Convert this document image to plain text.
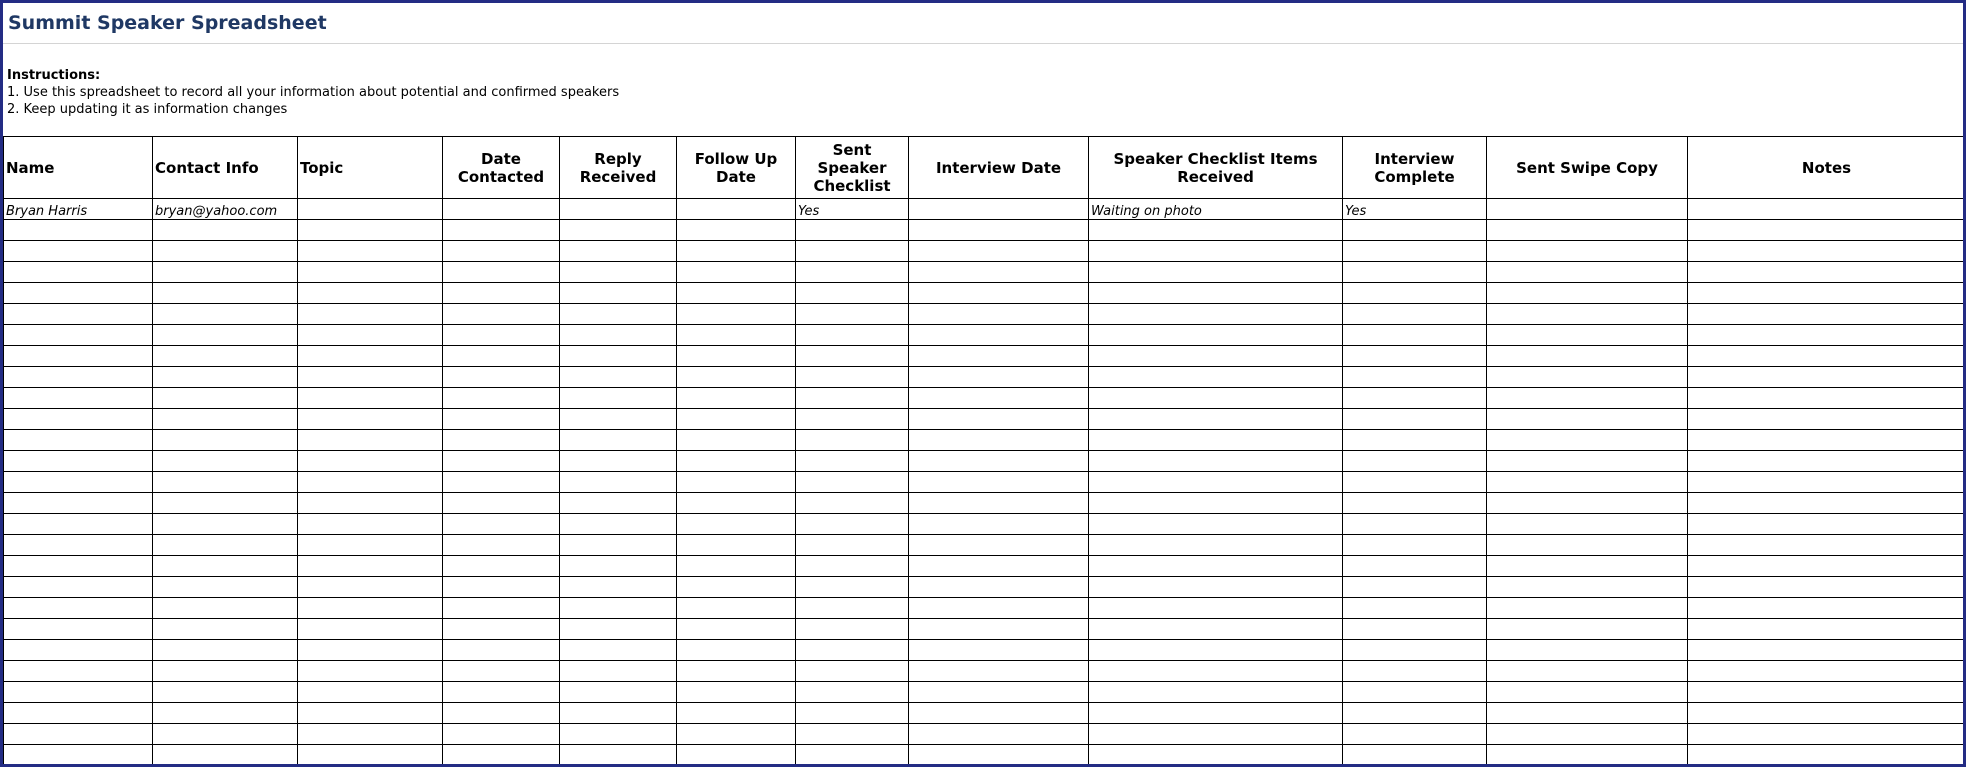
Summit Speaker Spreadsheet
Instructions:
1. Use this spreadsheet to record all your information about potential and confirmed speakers
2. Keep updating it as information changes
Name	Contact Info	Topic	Date Contacted	Reply Received	Follow Up Date	Sent Speaker Checklist	Interview Date	Speaker Checklist Items Received	Interview Complete	Sent Swipe Copy	Notes
Bryan Harris	bryan@yahoo.com					Yes		Waiting on photo	Yes		
